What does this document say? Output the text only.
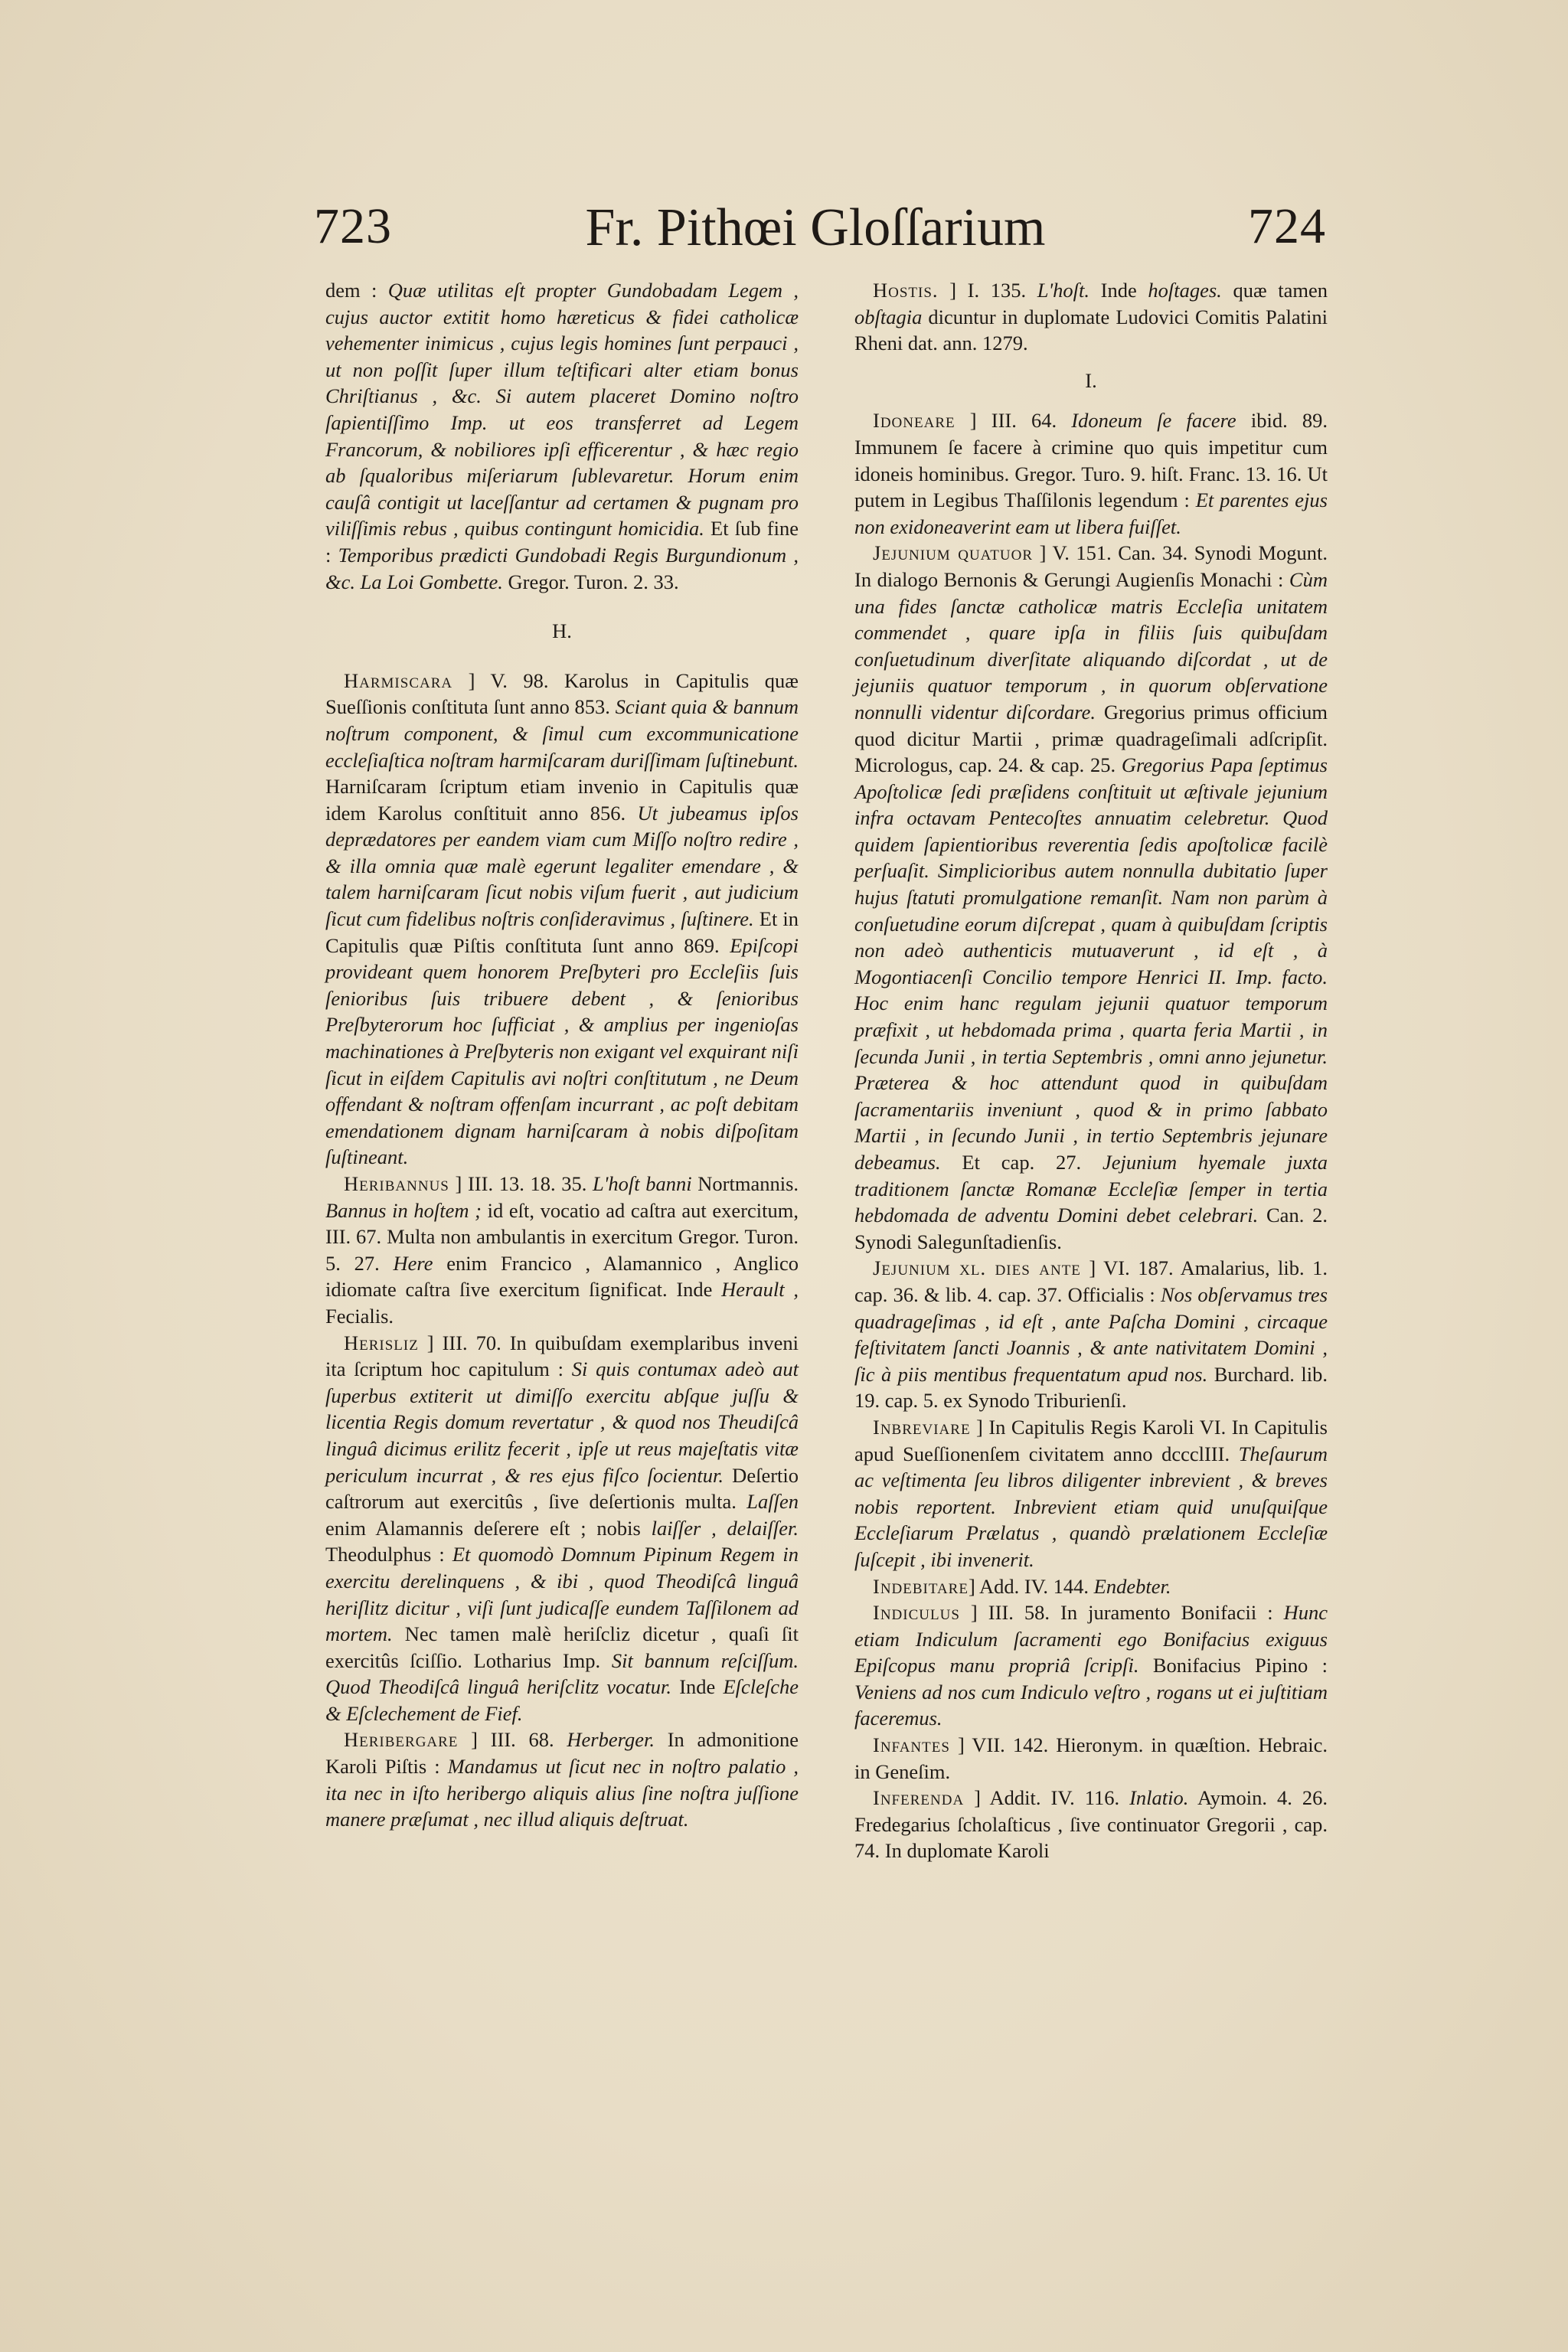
723	Fr. Pithœi Gloſſarium	724

dem : Quæ utilitas eſt propter Gundobadam Legem , cujus auctor extitit homo hæreticus & fidei catholicæ vehementer inimicus , cujus legis homines ſunt perpauci , ut non poſſit ſuper illum teſtificari alter etiam bonus Chriſtianus , &c. Si autem placeret Domino noſtro ſapientiſſimo Imp. ut eos transferret ad Legem Francorum, & nobiliores ipſi efficerentur , & hæc regio ab ſqualoribus miſeriarum ſublevaretur. Horum enim cauſâ contigit ut laceſſantur ad certamen & pugnam pro viliſſimis rebus , quibus contingunt homicidia. Et ſub fine : Temporibus prædicti Gundobadi Regis Burgundionum , &c. La Loi Gombette. Gregor. Turon. 2. 33.

H.

Harmiscara ] V. 98. Karolus in Capitulis quæ Sueſſionis conſtituta ſunt anno 853. Sciant quia & bannum noſtrum component, & ſimul cum excommunicatione eccleſiaſtica noſtram harmiſcaram duriſſimam ſuſtinebunt. Harniſcaram ſcriptum etiam invenio in Capitulis quæ idem Karolus conſtituit anno 856. Ut jubeamus ipſos deprædatores per eandem viam cum Miſſo noſtro redire , & illa omnia quæ malè egerunt legaliter emendare , & talem harniſcaram ſicut nobis viſum fuerit , aut judicium ſicut cum fidelibus noſtris conſideravimus , ſuſtinere. Et in Capitulis quæ Piſtis conſtituta ſunt anno 869. Epiſcopi provideant quem honorem Preſbyteri pro Eccleſiis ſuis ſenioribus ſuis tribuere debent , & ſenioribus Preſbyterorum hoc ſufficiat , & amplius per ingenioſas machinationes à Preſbyteris non exigant vel exquirant niſi ſicut in eiſdem Capitulis avi noſtri conſtitutum , ne Deum offendant & noſtram offenſam incurrant , ac poſt debitam emendationem dignam harniſcaram à nobis diſpoſitam ſuſtineant.

Heribannus ] III. 13. 18. 35. L'hoſt banni Nortmannis. Bannus in hoſtem ; id eſt, vocatio ad caſtra aut exercitum, III. 67. Multa non ambulantis in exercitum Gregor. Turon. 5. 27. Here enim Francico , Alamannico , Anglico idiomate caſtra ſive exercitum ſignificat. Inde Herault , Fecialis.

Herisliz ] III. 70. In quibuſdam exemplaribus inveni ita ſcriptum hoc capitulum : Si quis contumax adeò aut ſuperbus extiterit ut dimiſſo exercitu abſque juſſu & licentia Regis domum revertatur , & quod nos Theudiſcâ linguâ dicimus erilitz fecerit , ipſe ut reus majeſtatis vitæ periculum incurrat , & res ejus fiſco ſocientur. Deſertio caſtrorum aut exercitûs , ſive deſertionis multa. Laſſen enim Alamannis deſerere eſt ; nobis laiſſer , delaiſſer. Theodulphus : Et quomodò Domnum Pipinum Regem in exercitu derelinquens , & ibi , quod Theodiſcâ linguâ heriſlitz dicitur , viſi ſunt judicaſſe eundem Taſſilonem ad mortem. Nec tamen malè heriſcliz dicetur , quaſi ſit exercitûs ſciſſio. Lotharius Imp. Sit bannum reſciſſum. Quod Theodiſcâ linguâ heriſclitz vocatur. Inde Eſcleſche & Eſclechement de Fief.

Heribergare ] III. 68. Herberger. In admonitione Karoli Piſtis : Mandamus ut ſicut nec in noſtro palatio , ita nec in iſto heribergo aliquis alius ſine noſtra juſſione manere præſumat , nec illud aliquis deſtruat.

Hostis. ] I. 135. L'hoſt. Inde hoſtages. quæ tamen obſtagia dicuntur in duplomate Ludovici Comitis Palatini Rheni dat. ann. 1279.

I.

Idoneare ] III. 64. Idoneum ſe facere ibid. 89. Immunem ſe facere à crimine quo quis impetitur cum idoneis hominibus. Gregor. Turo. 9. hiſt. Franc. 13. 16. Ut putem in Legibus Thaſſilonis legendum : Et parentes ejus non exidoneaverint eam ut libera fuiſſet.

Jejunium quatuor ] V. 151. Can. 34. Synodi Mogunt. In dialogo Bernonis & Gerungi Augienſis Monachi : Cùm una fides ſanctæ catholicæ matris Eccleſia unitatem commendet , quare ipſa in filiis ſuis quibuſdam conſuetudinum diverſitate aliquando diſcordat , ut de jejuniis quatuor temporum , in quorum obſervatione nonnulli videntur diſcordare. Gregorius primus officium quod dicitur Martii , primæ quadrageſimali adſcripſit. Micrologus, cap. 24. & cap. 25. Gregorius Papa ſeptimus Apoſtolicæ ſedi præſidens conſtituit ut æſtivale jejunium infra octavam Pentecoſtes annuatim celebretur. Quod quidem ſapientioribus reverentia ſedis apoſtolicæ facilè perſuaſit. Simplicioribus autem nonnulla dubitatio ſuper hujus ſtatuti promulgatione remanſit. Nam non parùm à conſuetudine eorum diſcrepat , quam à quibuſdam ſcriptis non adeò authenticis mutuaverunt , id eſt , à Mogontiacenſi Concilio tempore Henrici II. Imp. facto. Hoc enim hanc regulam jejunii quatuor temporum præfixit , ut hebdomada prima , quarta feria Martii , in ſecunda Junii , in tertia Septembris , omni anno jejunetur. Præterea & hoc attendunt quod in quibuſdam ſacramentariis inveniunt , quod & in primo ſabbato Martii , in ſecundo Junii , in tertio Septembris jejunare debeamus. Et cap. 27. Jejunium hyemale juxta traditionem ſanctæ Romanæ Eccleſiæ ſemper in tertia hebdomada de adventu Domini debet celebrari. Can. 2. Synodi Salegunſtadienſis.

Jejunium xl. dies ante ] VI. 187. Amalarius, lib. 1. cap. 36. & lib. 4. cap. 37. Officialis : Nos obſervamus tres quadrageſimas , id eſt , ante Paſcha Domini , circaque feſtivitatem ſancti Joannis , & ante nativitatem Domini , ſic à piis mentibus frequentatum apud nos. Burchard. lib. 19. cap. 5. ex Synodo Triburienſi.

Inbreviare ] In Capitulis Regis Karoli VI. In Capitulis apud Sueſſionenſem civitatem anno dccclIII. Theſaurum ac veſtimenta ſeu libros diligenter inbrevient , & breves nobis reportent. Inbrevient etiam quid unuſquiſque Eccleſiarum Prælatus , quandò prælationem Eccleſiæ ſuſcepit , ibi invenerit.

Indebitare] Add. IV. 144. Endebter.

Indiculus ] III. 58. In juramento Bonifacii : Hunc etiam Indiculum ſacramenti ego Bonifacius exiguus Epiſcopus manu propriâ ſcripſi. Bonifacius Pipino : Veniens ad nos cum Indiculo veſtro , rogans ut ei juſtitiam faceremus.

Infantes ] VII. 142. Hieronym. in quæſtion. Hebraic. in Geneſim.

Inferenda ] Addit. IV. 116. Inlatio. Aymoin. 4. 26. Fredegarius ſcholaſticus , ſive continuator Gregorii , cap. 74. In duplomate Karoli
